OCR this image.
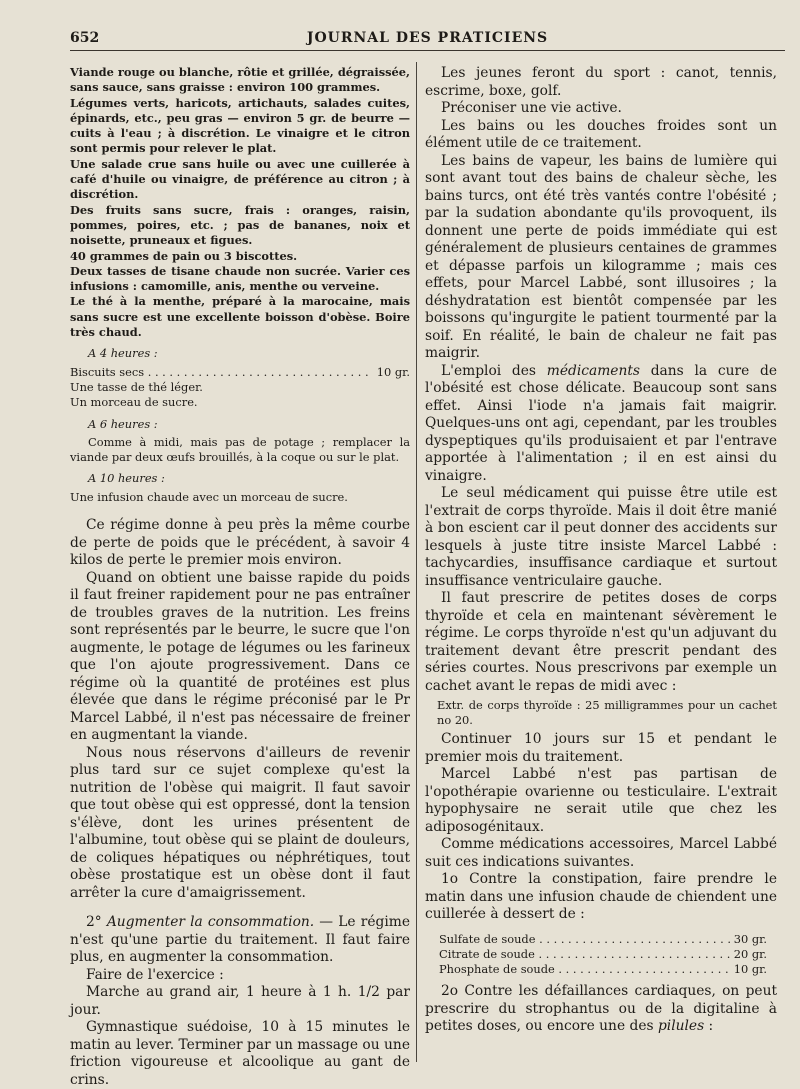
652	JOURNAL DES PRATICIENS

Viande rouge ou blanche, rôtie et grillée, dégraissée, sans sauce, sans graisse : environ 100 grammes.

Légumes verts, haricots, artichauts, salades cuites, épinards, etc., peu gras — environ 5 gr. de beurre — cuits à l'eau ; à discrétion. Le vinaigre et le citron sont permis pour relever le plat.

Une salade crue sans huile ou avec une cuillerée à café d'huile ou vinaigre, de préférence au citron ; à discrétion.

Des fruits sans sucre, frais : oranges, raisin, pommes, poires, etc. ; pas de bananes, noix et noisette, pruneaux et figues.

40 grammes de pain ou 3 biscottes.

Deux tasses de tisane chaude non sucrée. Varier ces infusions : camomille, anis, menthe ou verveine.

Le thé à la menthe, préparé à la marocaine, mais sans sucre est une excellente boisson d'obèse. Boire très chaud.

A 4 heures :

Biscuits secs . . .	10 gr.

Une tasse de thé léger.

Un morceau de sucre.

A 6 heures :

Comme à midi, mais pas de potage ; remplacer la viande par deux œufs brouillés, à la coque ou sur le plat.

A 10 heures :

Une infusion chaude avec un morceau de sucre.

Ce régime donne à peu près la même courbe de perte de poids que le précédent, à savoir 4 kilos de perte le premier mois environ.

Quand on obtient une baisse rapide du poids il faut freiner rapidement pour ne pas entraîner de troubles graves de la nutrition. Les freins sont représentés par le beurre, le sucre que l'on augmente, le potage de légumes ou les farineux que l'on ajoute progressivement. Dans ce régime où la quantité de protéines est plus élevée que dans le régime préconisé par le Pr Marcel Labbé, il n'est pas nécessaire de freiner en augmentant la viande.

Nous nous réservons d'ailleurs de revenir plus tard sur ce sujet complexe qu'est la nutrition de l'obèse qui maigrit. Il faut savoir que tout obèse qui est oppressé, dont la tension s'élève, dont les urines présentent de l'albumine, tout obèse qui se plaint de douleurs, de coliques hépatiques ou néphrétiques, tout obèse prostatique est un obèse dont il faut arrêter la cure d'amaigrissement.

2° Augmenter la consommation. — Le régime n'est qu'une partie du traitement. Il faut faire plus, en augmenter la consommation.

Faire de l'exercice :

Marche au grand air, 1 heure à 1 h. 1/2 par jour.

Gymnastique suédoise, 10 à 15 minutes le matin au lever. Terminer par un massage ou une friction vigoureuse et alcoolique au gant de crins.

Les jeunes feront du sport : canot, tennis, escrime, boxe, golf.

Préconiser une vie active.

Les bains ou les douches froides sont un élément utile de ce traitement.

Les bains de vapeur, les bains de lumière qui sont avant tout des bains de chaleur sèche, les bains turcs, ont été très vantés contre l'obésité ; par la sudation abondante qu'ils provoquent, ils donnent une perte de poids immédiate qui est généralement de plusieurs centaines de grammes et dépasse parfois un kilogramme ; mais ces effets, pour Marcel Labbé, sont illusoires ; la déshydratation est bientôt compensée par les boissons qu'ingurgite le patient tourmenté par la soif. En réalité, le bain de chaleur ne fait pas maigrir.

L'emploi des médicaments dans la cure de l'obésité est chose délicate. Beaucoup sont sans effet. Ainsi l'iode n'a jamais fait maigrir. Quelques-uns ont agi, cependant, par les troubles dyspeptiques qu'ils produisaient et par l'entrave apportée à l'alimentation ; il en est ainsi du vinaigre.

Le seul médicament qui puisse être utile est l'extrait de corps thyroïde. Mais il doit être manié à bon escient car il peut donner des accidents sur lesquels à juste titre insiste Marcel Labbé : tachycardies, insuffisance cardiaque et surtout insuffisance ventriculaire gauche.

Il faut prescrire de petites doses de corps thyroïde et cela en maintenant sévèrement le régime. Le corps thyroïde n'est qu'un adjuvant du traitement devant être prescrit pendant des séries courtes. Nous prescrivons par exemple un cachet avant le repas de midi avec :

Extr. de corps thyroïde : 25 milligrammes pour un cachet no 20.

Continuer 10 jours sur 15 et pendant le premier mois du traitement.

Marcel Labbé n'est pas partisan de l'opothérapie ovarienne ou testiculaire. L'extrait hypophysaire ne serait utile que chez les adiposogénitaux.

Comme médications accessoires, Marcel Labbé suit ces indications suivantes.

1o Contre la constipation, faire prendre le matin dans une infusion chaude de chiendent une cuillerée à dessert de :

Sulfate de soude . . .	30 gr.
Citrate de soude . . .	20 gr.
Phosphate de soude . . .	10 gr.

2o Contre les défaillances cardiaques, on peut prescrire du strophantus ou de la digitaline à petites doses, ou encore une des pilules :
